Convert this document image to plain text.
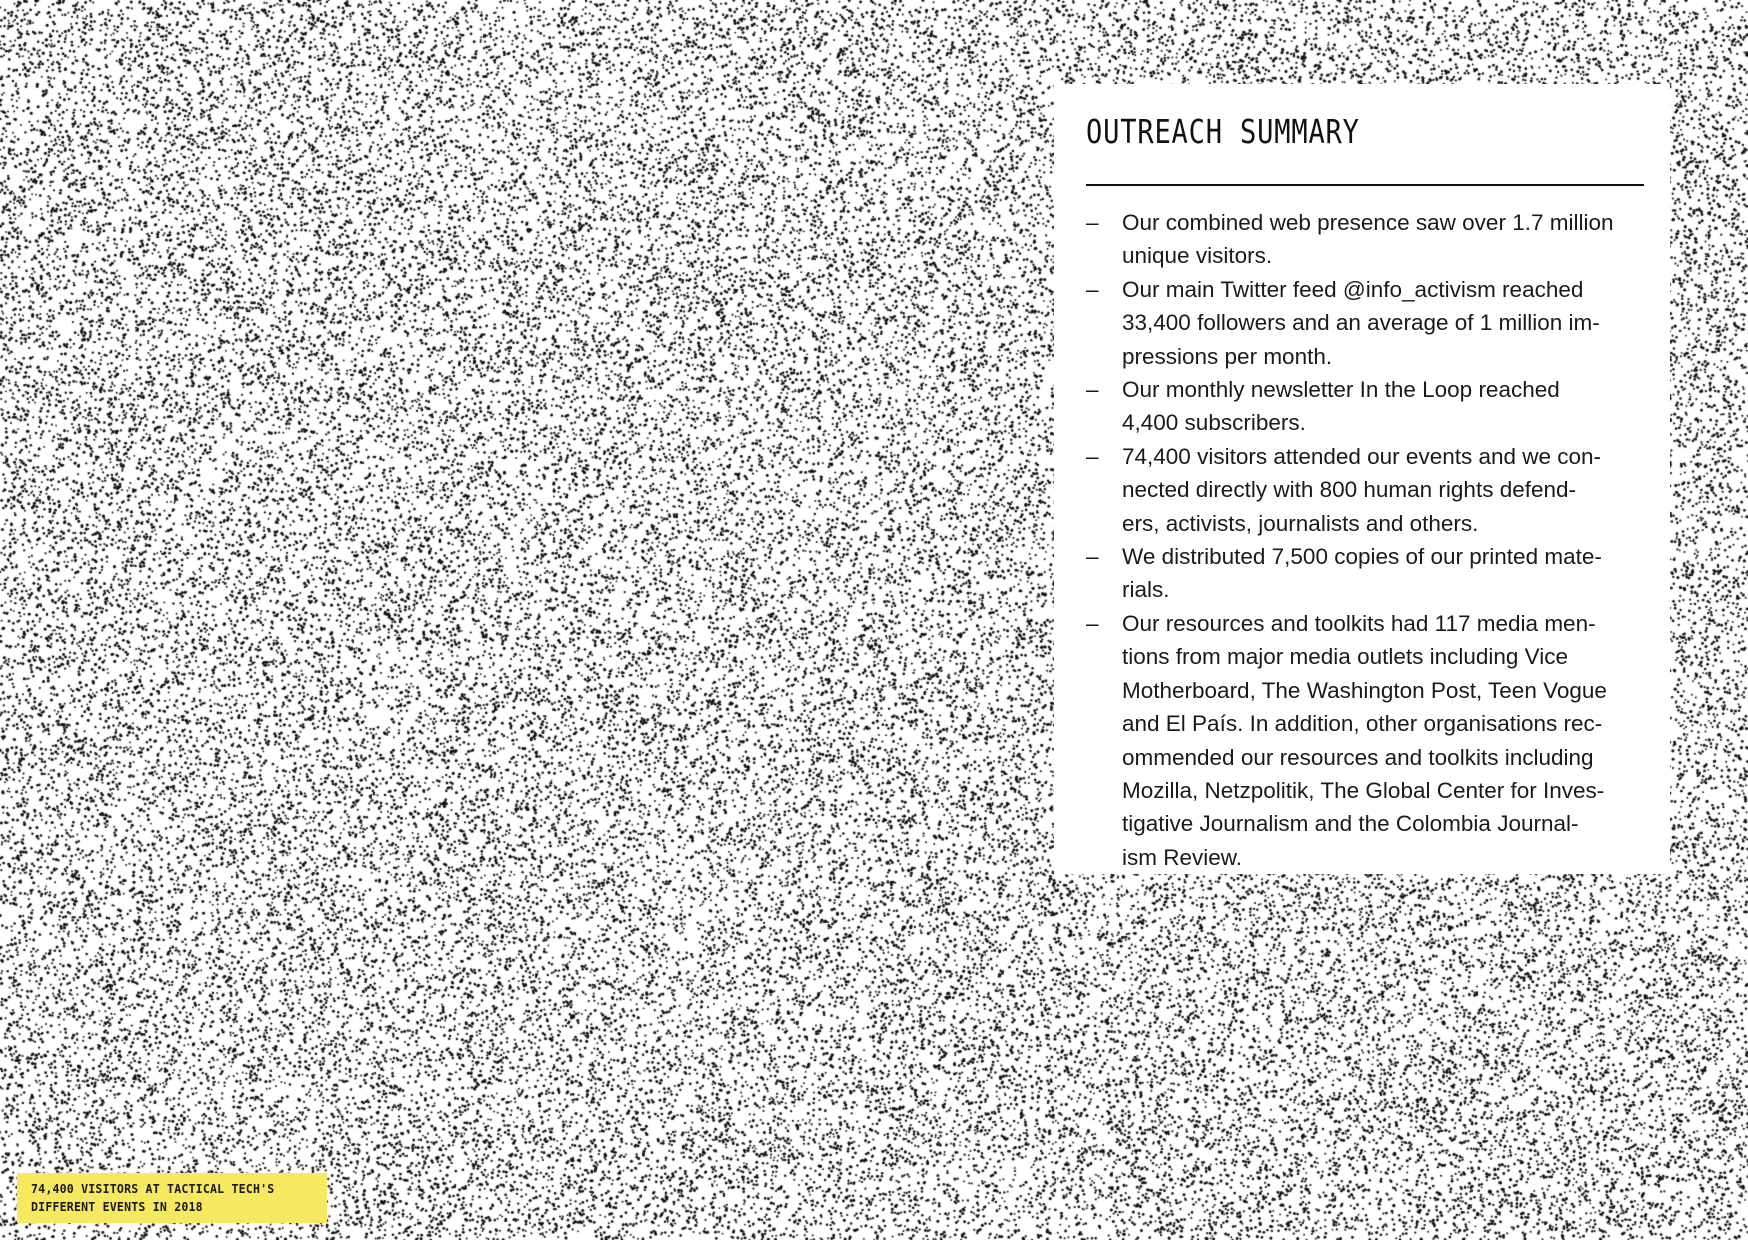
OUTREACH SUMMARY
– Our combined web presence saw over 1.7 million
unique visitors.
– Our main Twitter feed @info_activism reached
33,400 followers and an average of 1 million im-
pressions per month.
– Our monthly newsletter In the Loop reached
4,400 subscribers.
– 74,400 visitors attended our events and we con-
nected directly with 800 human rights defend-
ers, activists, journalists and others.
– We distributed 7,500 copies of our printed mate-
rials.
– Our resources and toolkits had 117 media men-
tions from major media outlets including Vice
Motherboard, The Washington Post, Teen Vogue
and El País. In addition, other organisations rec-
ommended our resources and toolkits including
Mozilla, Netzpolitik, The Global Center for Inves-
tigative Journalism and the Colombia Journal-
ism Review.
74,400 VISITORS AT TACTICAL TECH'S
DIFFERENT EVENTS IN 2018
